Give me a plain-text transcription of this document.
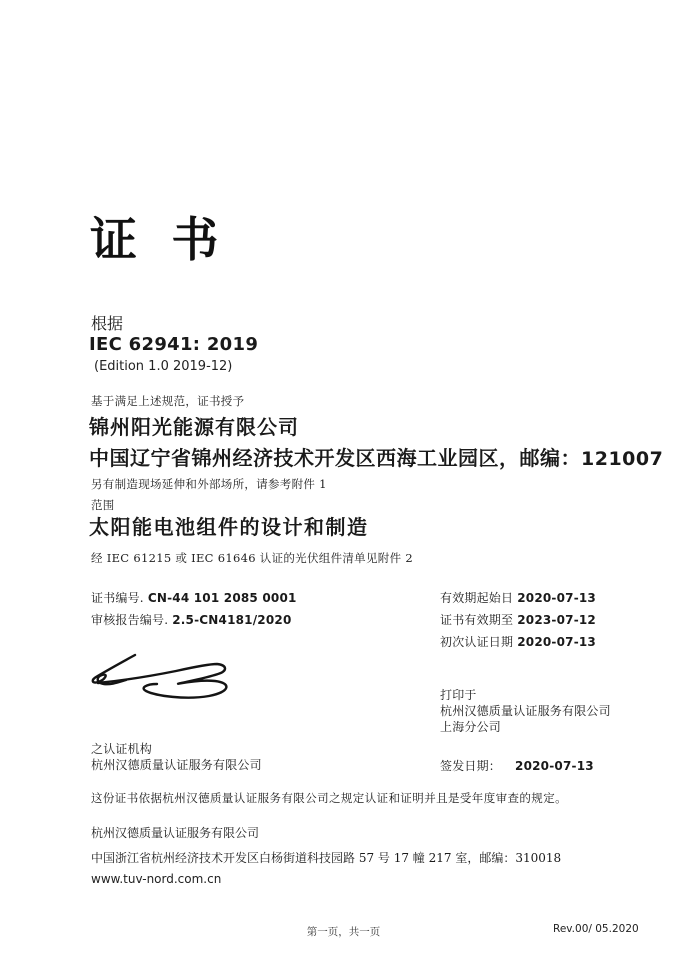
证 书
根据
IEC 62941: 2019
(Edition 1.0 2019-12)
基于满足上述规范，证书授予
锦州阳光能源有限公司
中国辽宁省锦州经济技术开发区西海工业园区，邮编：121007
另有制造现场延伸和外部场所，请参考附件 1
范围
太阳能电池组件的设计和制造
经 IEC 61215 或 IEC 61646 认证的光伏组件清单见附件 2
证书编号. CN-44 101 2085 0001
审核报告编号. 2.5-CN4181/2020
有效期起始日 2020-07-13
证书有效期至 2023-07-12
初次认证日期 2020-07-13
打印于
杭州汉德质量认证服务有限公司
上海分公司
之认证机构
杭州汉德质量认证服务有限公司	签发日期： 2020-07-13
这份证书依据杭州汉德质量认证服务有限公司之规定认证和证明并且是受年度审查的规定。
杭州汉德质量认证服务有限公司
中国浙江省杭州经济技术开发区白杨街道科技园路 57 号 17 幢 217 室，邮编：310018
www.tuv-nord.com.cn
第一页，共一页	Rev.00/ 05.2020
